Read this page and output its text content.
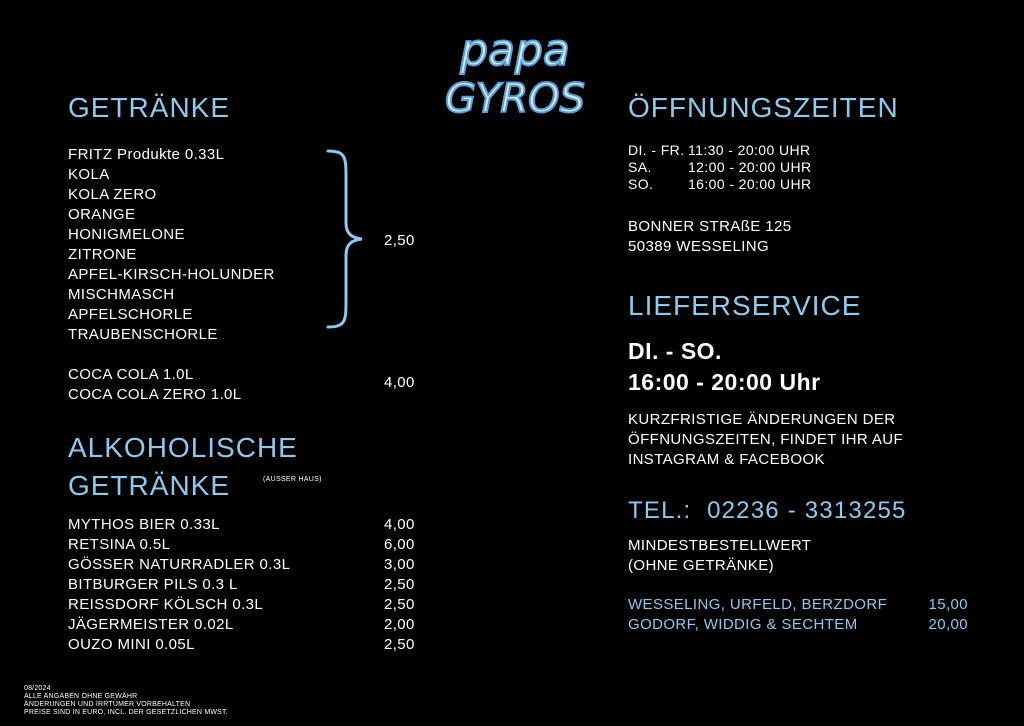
papa
GYROS
GETRÄNKE
FRITZ Produkte 0.33L
KOLA
KOLA ZERO
ORANGE
HONIGMELONE
ZITRONE
APFEL-KIRSCH-HOLUNDER
MISCHMASCH
APFELSCHORLE
TRAUBENSCHORLE
2,50
COCA COLA 1.0L
COCA COLA ZERO 1.0L
4,00
ALKOHOLISCHE
GETRÄNKE	(AUSSER HAUS)
MYTHOS BIER 0.33L	4,00
RETSINA 0.5L	6,00
GÖSSER NATURRADLER 0.3L	3,00
BITBURGER PILS 0.3 L	2,50
REISSDORF KÖLSCH 0.3L	2,50
JÄGERMEISTER 0.02L	2,00
OUZO MINI 0.05L	2,50
08/2024
ALLE ANGABEN OHNE GEWÄHR
ÄNDERUNGEN UND IRRTÜMER VORBEHALTEN
PREISE SIND IN EURO, INCL. DER GESETZLICHEN MWST.
ÖFFNUNGSZEITEN
DI. - FR. 11:30 - 20:00 UHR
SA.	12:00 - 20:00 UHR
SO.	16:00 - 20:00 UHR
BONNER STRAßE 125
50389 WESSELING
LIEFERSERVICE
DI. - SO.
16:00 - 20:00 Uhr
KURZFRISTIGE ÄNDERUNGEN DER
ÖFFNUNGSZEITEN, FINDET IHR AUF
INSTAGRAM & FACEBOOK
TEL.:  02236 - 3313255
MINDESTBESTELLWERT
(OHNE GETRÄNKE)
WESSELING, URFELD, BERZDORF	15,00
GODORF, WIDDIG & SECHTEM	20,00
